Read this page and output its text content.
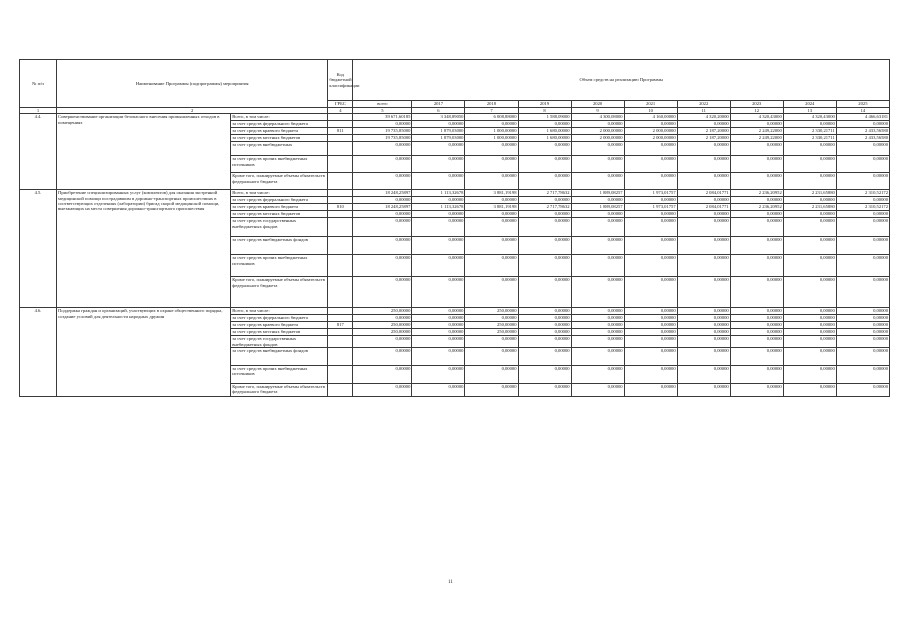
№ п/п	Наименование Программы (подпрограммы) мероприятия		Код бюджетной классификации	Объем средств на реализацию Программы									
			ГРБС	всего	2017	2018	2019	2020	2021	2022	2023	2024	2025
1	2		4	5	6	7	8	9	10	11	12	13	14
4.4.	Совершенствование организации безопасного внесения промышленных отходов в помещениях	Всего, в том числе:		39 671,60185	3 348,89050	6 008,88000	1 588,09000	4 300,08000	4 160,00000	4 320,20000	4 320,43000	4 320,43000	4 466,63181
		за счет средств федерального бюджета		0,00000	0,00000	0,00000	0,00000	0,00000	0,00000	0,00000	0,00000	0,00000	0,00000
		за счет средств краевого бюджета	811	19 735,85000	1 879,03000	1 000,00000	1 680,00000	2 000,00000	2 000,00000	2 187,20000	2 249,22000	2 330,21711	2 433,56580
		за счет средств местных бюджетов		19 735,85000	1 879,03000	1 000,00000	1 680,00000	2 000,00000	2 000,00000	2 187,20000	2 249,22000	2 330,21711	2 433,56580
		за счет средств внебюджетных		0,00000	0,00000	0,00000	0,00000	0,00000	0,00000	0,00000	0,00000	0,00000	0,00000
		за счет средств прочих внебюджетных источников		0,00000	0,00000	0,00000	0,00000	0,00000	0,00000	0,00000	0,00000	0,00000	0,00000
		Кроме того, планируемые объемы обязательств федерального бюджета		0,00000	0,00000	0,00000	0,00000	0,00000	0,00000	0,00000	0,00000	0,00000	0,00000
4.5.	Приобретение специализированных услуг (комплектов) для оказания экстренной медицинской помощи пострадавшим в дорожно-транспортных происшествиях в соответствующих отделениях (лаборатории) бригад скорой медицинской помощи, выезжающих на места совершения дорожно-транспортного происшествия	Всего, в том числе:		18 248,25897	1 113,32678	3 881,19198	2 717,78632	1 889,08257	1 973,01757	2 084,01771	2 236,20952	2 231,65880	2 310,52172
		за счет средств федерального бюджета		0,00000	0,00000	0,00000	0,00000	0,00000	0,00000	0,00000	0,00000	0,00000	0,00000
		за счет средств краевого бюджета	810	18 248,25897	1 113,32678	3 881,19198	2 717,78632	1 889,08257	1 973,01757	2 084,01771	2 236,20952	2 231,65880	2 310,52172
		за счет средств местных бюджетов		0,00000	0,00000	0,00000	0,00000	0,00000	0,00000	0,00000	0,00000	0,00000	0,00000
		за счет средств государственных внебюджетных фондов		0,00000	0,00000	0,00000	0,00000	0,00000	0,00000	0,00000	0,00000	0,00000	0,00000
		за счет средств внебюджетных фондов		0,00000	0,00000	0,00000	0,00000	0,00000	0,00000	0,00000	0,00000	0,00000	0,00000
		за счет средств прочих внебюджетных источников		0,00000	0,00000	0,00000	0,00000	0,00000	0,00000	0,00000	0,00000	0,00000	0,00000
		Кроме того, планируемые объемы обязательств федерального бюджета		0,00000	0,00000	0,00000	0,00000	0,00000	0,00000	0,00000	0,00000	0,00000	0,00000
4.6.	Поддержка граждан и организаций, участвующих в охране общественного порядка, создание условий для деятельности народных дружин	Всего, в том числе:		250,00000	0,00000	250,00000	0,00000	0,00000	0,00000	0,00000	0,00000	0,00000	0,00000
		за счет средств федерального бюджета		0,00000	0,00000	0,00000	0,00000	0,00000	0,00000	0,00000	0,00000	0,00000	0,00000
		за счет средств краевого бюджета	817	250,00000	0,00000	250,00000	0,00000	0,00000	0,00000	0,00000	0,00000	0,00000	0,00000
		за счет средств местных бюджетов		250,00000	0,00000	250,00000	0,00000	0,00000	0,00000	0,00000	0,00000	0,00000	0,00000
		за счет средств государственных внебюджетных фондов		0,00000	0,00000	0,00000	0,00000	0,00000	0,00000	0,00000	0,00000	0,00000	0,00000
		за счет средств внебюджетных фондов		0,00000	0,00000	0,00000	0,00000	0,00000	0,00000	0,00000	0,00000	0,00000	0,00000
		за счет средств прочих внебюджетных источников		0,00000	0,00000	0,00000	0,00000	0,00000	0,00000	0,00000	0,00000	0,00000	0,00000
		Кроме того, планируемые объемы обязательств федерального бюджета		0,00000	0,00000	0,00000	0,00000	0,00000	0,00000	0,00000	0,00000	0,00000	0,00000
11
